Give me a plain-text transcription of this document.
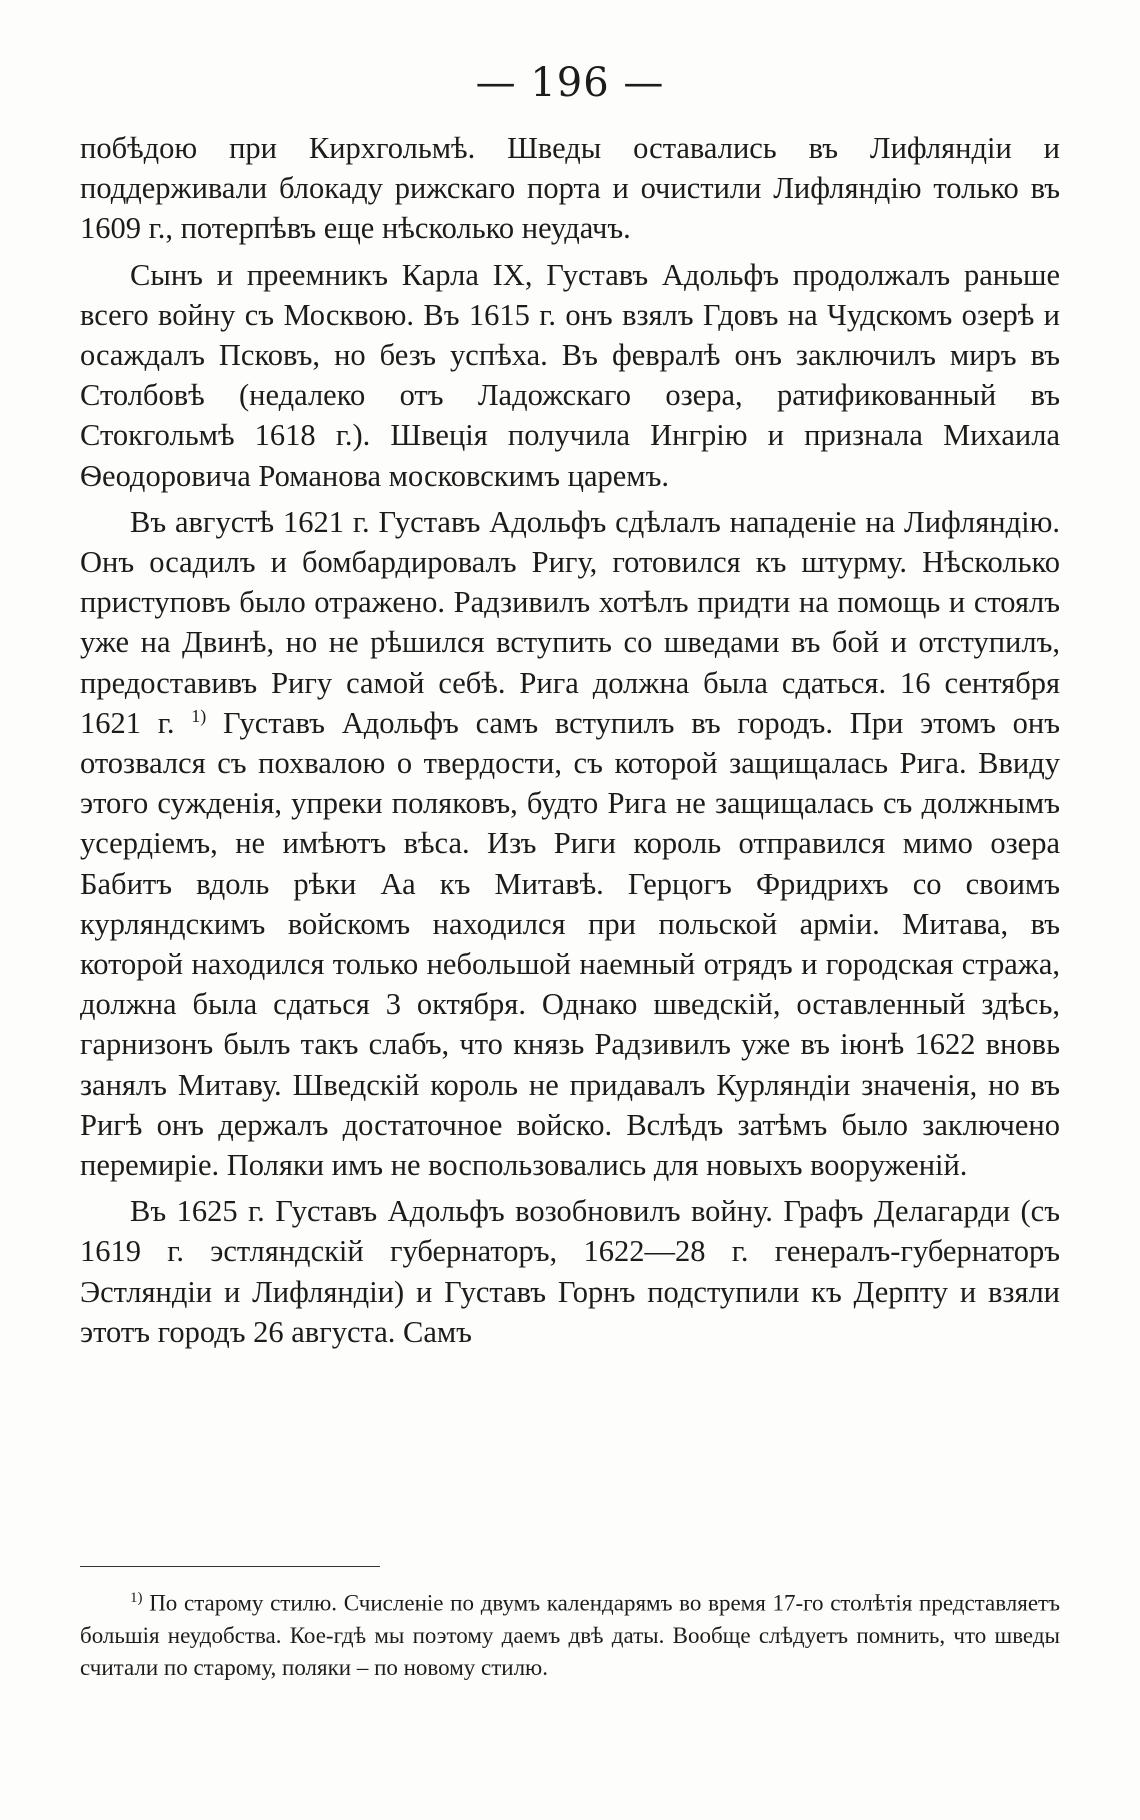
— 196 —

побѣдою при Кирхгольмѣ. Шведы оставались въ Лифляндіи и поддерживали блокаду рижскаго порта и очистили Лифляндію только въ 1609 г., потерпѣвъ еще нѣсколько неудачъ.

Сынъ и преемникъ Карла IX, Густавъ Адольфъ продолжалъ раньше всего войну съ Москвою. Въ 1615 г. онъ взялъ Гдовъ на Чудскомъ озерѣ и осаждалъ Псковъ, но безъ успѣха. Въ февралѣ онъ заключилъ миръ въ Столбовѣ (недалеко отъ Ладожскаго озера, ратификованный въ Стокгольмѣ 1618 г.). Швеція получила Ингрію и признала Михаила Ѳеодоровича Романова московскимъ царемъ.

Въ августѣ 1621 г. Густавъ Адольфъ сдѣлалъ нападеніе на Лифляндію. Онъ осадилъ и бомбардировалъ Ригу, готовился къ штурму. Нѣсколько приступовъ было отражено. Радзивилъ хотѣлъ придти на помощь и стоялъ уже на Двинѣ, но не рѣшился вступить со шведами въ бой и отступилъ, предоставивъ Ригу самой себѣ. Рига должна была сдаться. 16 сентября 1621 г. $^{1)}$ Густавъ Адольфъ самъ вступилъ въ городъ. При этомъ онъ отозвался съ похвалою о твердости, съ которой защищалась Рига. Ввиду этого сужденія, упреки поляковъ, будто Рига не защищалась съ должнымъ усердіемъ, не имѣютъ вѣса. Изъ Риги король отправился мимо озера Бабитъ вдоль рѣки Аа къ Митавѣ. Герцогъ Фридрихъ со своимъ курляндскимъ войскомъ находился при польской арміи. Митава, въ которой находился только небольшой наемный отрядъ и городская стража, должна была сдаться 3 октября. Однако шведскій, оставленный здѣсь, гарнизонъ былъ такъ слабъ, что князь Радзивилъ уже въ іюнѣ 1622 вновь занялъ Митаву. Шведскій король не придавалъ Курляндіи значенія, но въ Ригѣ онъ держалъ достаточное войско. Вслѣдъ затѣмъ было заключено перемиріе. Поляки имъ не воспользовались для новыхъ вооруженій.

Въ 1625 г. Густавъ Адольфъ возобновилъ войну. Графъ Делагарди (съ 1619 г. эстляндскій губернаторъ, 1622—28 г. генералъ-губернаторъ Эстляндіи и Лифляндіи) и Густавъ Горнъ подступили къ Дерпту и взяли этотъ городъ 26 августа. Самъ

$^{1)}$ По старому стилю. Счисленіе по двумъ календарямъ во время 17-го столѣтія представляетъ большія неудобства. Кое-гдѣ мы поэтому даемъ двѣ даты. Вообще слѣдуетъ помнить, что шведы считали по старому, поляки – по новому стилю.
